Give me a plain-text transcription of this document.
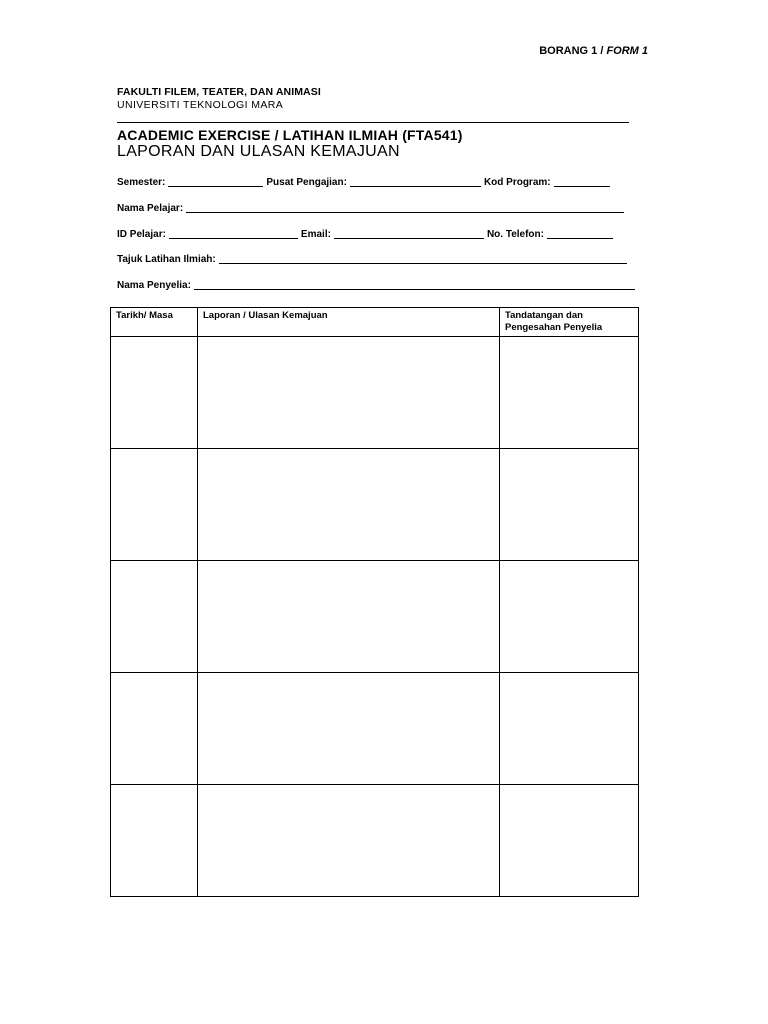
BORANG 1 / FORM 1
FAKULTI FILEM, TEATER, DAN ANIMASI
UNIVERSITI TEKNOLOGI MARA
ACADEMIC EXERCISE / LATIHAN ILMIAH (FTA541)
LAPORAN DAN ULASAN KEMAJUAN
Semester:	Pusat Pengajian:	Kod Program:
Nama Pelajar:
ID Pelajar:	Email:	No. Telefon:
Tajuk Latihan Ilmiah:
Nama Penyelia:
Tarikh/ Masa	Laporan / Ulasan Kemajuan	Tandatangan dan Pengesahan Penyelia
